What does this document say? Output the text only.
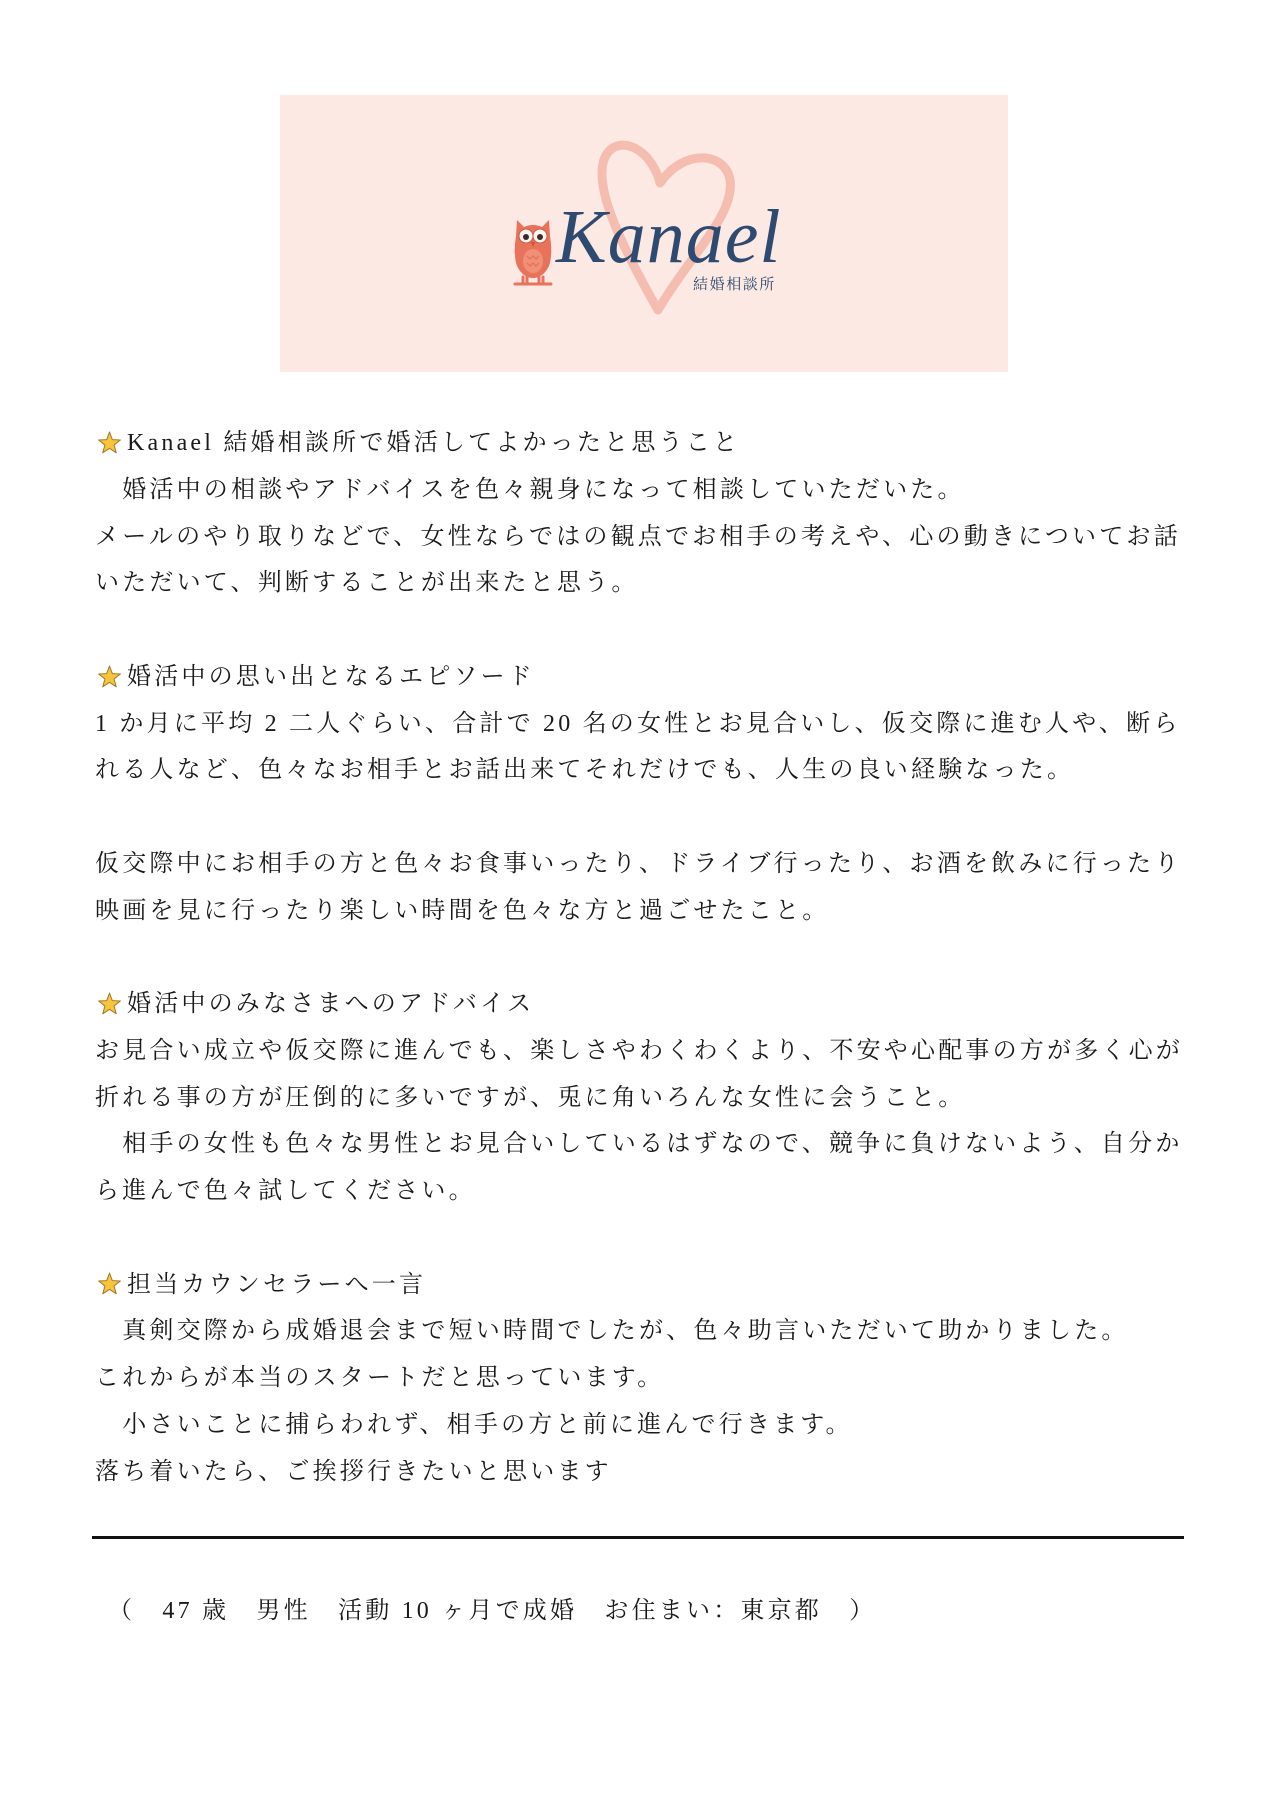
Kanael
結婚相談所
Kanael 結婚相談所で婚活してよかったと思うこと
　婚活中の相談やアドバイスを色々親身になって相談していただいた。
メールのやり取りなどで、女性ならではの観点でお相手の考えや、心の動きについてお話
いただいて、判断することが出来たと思う。
婚活中の思い出となるエピソード
1 か月に平均 2 二人ぐらい、合計で 20 名の女性とお見合いし、仮交際に進む人や、断ら
れる人など、色々なお相手とお話出来てそれだけでも、人生の良い経験なった。
仮交際中にお相手の方と色々お食事いったり、ドライブ行ったり、お酒を飲みに行ったり
映画を見に行ったり楽しい時間を色々な方と過ごせたこと。
婚活中のみなさまへのアドバイス
お見合い成立や仮交際に進んでも、楽しさやわくわくより、不安や心配事の方が多く心が
折れる事の方が圧倒的に多いですが、兎に角いろんな女性に会うこと。
　相手の女性も色々な男性とお見合いしているはずなので、競争に負けないよう、自分か
ら進んで色々試してください。
担当カウンセラーへ一言
　真剣交際から成婚退会まで短い時間でしたが、色々助言いただいて助かりました。
これからが本当のスタートだと思っています。
　小さいことに捕らわれず、相手の方と前に進んで行きます。
落ち着いたら、ご挨拶行きたいと思います
（　47 歳　男性　活動 10 ヶ月で成婚　お住まい：東京都　）
